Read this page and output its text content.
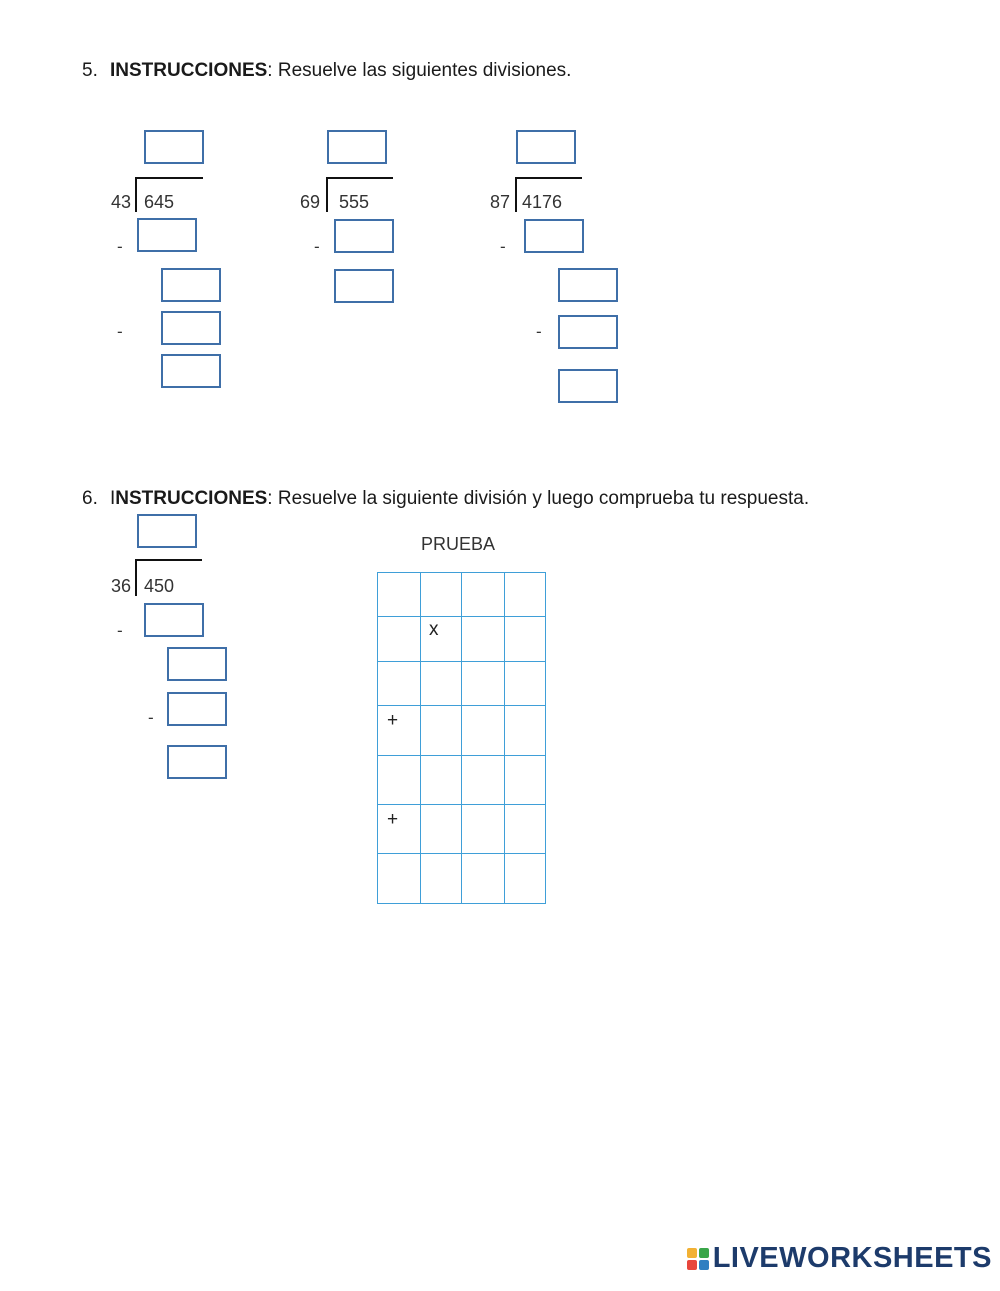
5. INSTRUCCIONES: Resuelve las siguientes divisiones.
43 645
-
-
69 555
-
87 4176
-
-
6. INSTRUCCIONES: Resuelve la siguiente división y luego comprueba tu respuesta.
36 450
-
-
PRUEBA
x
+
+
LIVEWORKSHEETS
